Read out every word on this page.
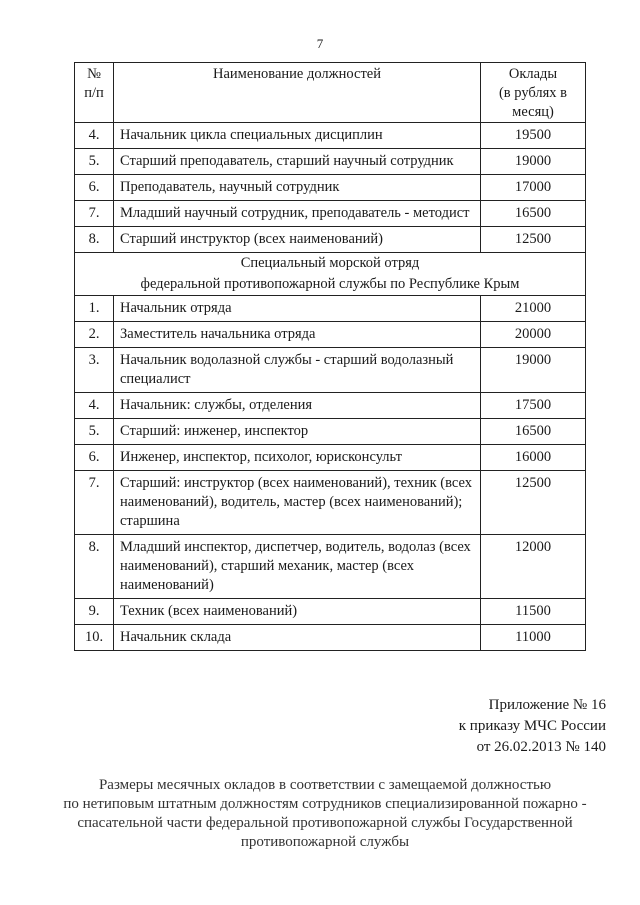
7
№
п/п	Наименование должностей	Оклады
(в рублях в
месяц)

4.	Начальник цикла специальных дисциплин	19500

5.	Старший преподаватель, старший научный сотрудник	19000

6.	Преподаватель, научный сотрудник	17000

7.	Младший научный сотрудник, преподаватель - методист	16500

8.	Старший инструктор (всех наименований)	12500

Специальный морской отряд
федеральной противопожарной службы по Республике Крым		

1.	Начальник отряда	21000

2.	Заместитель начальника отряда	20000

3.	Начальник водолазной службы - старший водолазный специалист	19000

4.	Начальник: службы, отделения	17500

5.	Старший: инженер, инспектор	16500

6.	Инженер, инспектор, психолог, юрисконсульт	16000

7.	Старший: инструктор (всех наименований), техник (всех наименований), водитель, мастер (всех наименований); старшина	12500

8.	Младший инспектор, диспетчер, водитель, водолаз (всех наименований), старший механик, мастер (всех наименований)	12000

9.	Техник (всех наименований)	11500

10.	Начальник склада	11000
Приложение № 16
к приказу МЧС России
от 26.02.2013 № 140
Размеры месячных окладов в соответствии с замещаемой должностью
по нетиповым штатным должностям сотрудников специализированной пожарно -
спасательной части федеральной противопожарной службы Государственной
противопожарной службы
